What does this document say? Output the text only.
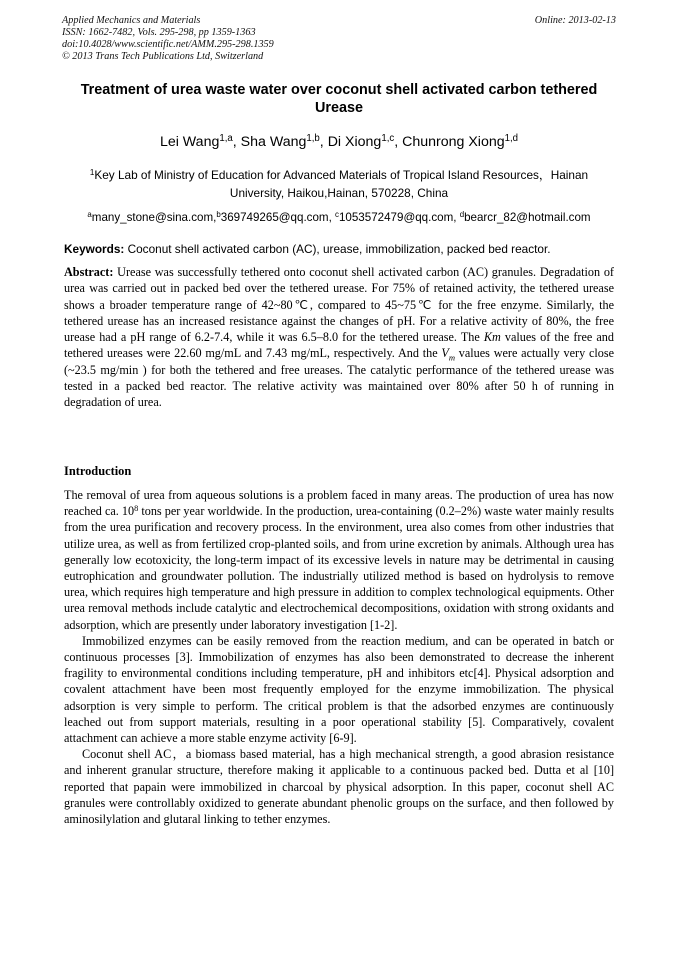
Applied Mechanics and Materials
ISSN: 1662-7482, Vols. 295-298, pp 1359-1363
doi:10.4028/www.scientific.net/AMM.295-298.1359
© 2013 Trans Tech Publications Ltd, Switzerland
Online: 2013-02-13
Treatment of urea waste water over coconut shell activated carbon tethered Urease
Lei Wang$^{1,a}$, Sha Wang$^{1,b}$, Di Xiong$^{1,c}$, Chunrong Xiong$^{1,d}$
$^1$Key Lab of Ministry of Education for Advanced Materials of Tropical Island Resources，Hainan University, Haikou,Hainan, 570228, China
$^a$many_stone@sina.com,$^b$369749265@qq.com, $^c$1053572479@qq.com, $^d$bearcr_82@hotmail.com
Keywords: Coconut shell activated carbon (AC), urease, immobilization, packed bed reactor.

Abstract: Urease was successfully tethered onto coconut shell activated carbon (AC) granules. Degradation of urea was carried out in packed bed over the tethered urease. For 75% of retained activity, the tethered urease shows a broader temperature range of 42~80℃, compared to 45~75℃ for the free enzyme. Similarly, the tethered urease has an increased resistance against the changes of pH. For a relative activity of 80%, the free urease had a pH range of 6.2-7.4, while it was 6.5–8.0 for the tethered urease. The Km values of the free and tethered ureases were 22.60 mg/mL and 7.43 mg/mL, respectively. And the $V_m$ values were actually very close (~23.5 mg/min ) for both the tethered and free ureases. The catalytic performance of the tethered urease was tested in a packed bed reactor. The relative activity was maintained over 80% after 50 h of running in degradation of urea.

Introduction

The removal of urea from aqueous solutions is a problem faced in many areas. The production of urea has now reached ca. $10^8$ tons per year worldwide. In the production, urea-containing (0.2–2%) waste water mainly results from the urea purification and recovery process. In the environment, urea also comes from other industries that utilize urea, as well as from fertilized crop-planted soils, and from urine excretion by animals. Although urea has generally low ecotoxicity, the long-term impact of its excessive levels in nature may be detrimental in causing eutrophication and groundwater pollution. The industrially utilized method is based on hydrolysis to remove urea, which requires high temperature and high pressure in addition to complex technological equipments. Other urea removal methods include catalytic and electrochemical decompositions, oxidation with strong oxidants and adsorption, which are presently under laboratory investigation [1-2].

Immobilized enzymes can be easily removed from the reaction medium, and can be operated in batch or continuous processes [3]. Immobilization of enzymes has also been demonstrated to decrease the inherent fragility to environmental conditions including temperature, pH and inhibitors etc[4]. Physical adsorption and covalent attachment have been most frequently employed for the enzyme immobilization. The physical adsorption is very simple to perform. The critical problem is that the adsorbed enzymes are continuously leached out from support materials, resulting in a poor operational stability [5]. Comparatively, covalent attachment can achieve a more stable enzyme activity [6-9].

Coconut shell AC，a biomass based material, has a high mechanical strength, a good abrasion resistance and inherent granular structure, therefore making it applicable to a continuous packed bed. Dutta et al [10] reported that papain were immobilized in charcoal by physical adsorption. In this paper, coconut shell AC granules were controllably oxidized to generate abundant phenolic groups on the surface, and then followed by aminosilylation and glutaral linking to tether enzymes.
